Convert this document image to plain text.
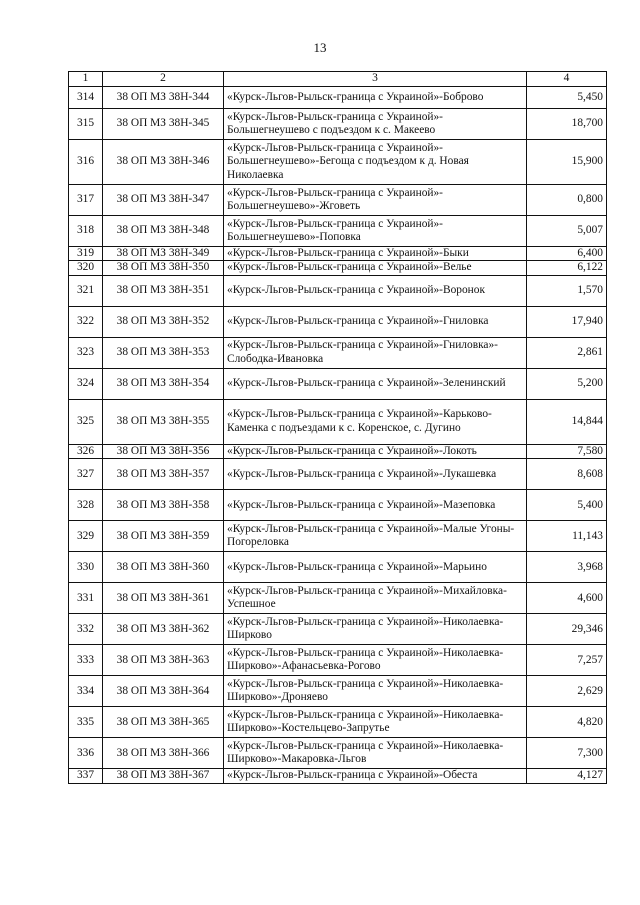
13
1	2	3	4
314	38 ОП МЗ 38Н-344	«Курск-Льгов-Рыльск-граница с Украиной»-Боброво	5,450
315	38 ОП МЗ 38Н-345	«Курск-Льгов-Рыльск-граница с Украиной»-Большегнеушево с подъездом к с. Макеево	18,700
316	38 ОП МЗ 38Н-346	«Курск-Льгов-Рыльск-граница с Украиной»-Большегнеушево»-Бегоща с подъездом к д. Новая Николаевка	15,900
317	38 ОП МЗ 38Н-347	«Курск-Льгов-Рыльск-граница с Украиной»-Большегнеушево»-Жговеть	0,800
318	38 ОП МЗ 38Н-348	«Курск-Льгов-Рыльск-граница с Украиной»-Большегнеушево»-Поповка	5,007
319	38 ОП МЗ 38Н-349	«Курск-Льгов-Рыльск-граница с Украиной»-Быки	6,400
320	38 ОП МЗ 38Н-350	«Курск-Льгов-Рыльск-граница с Украиной»-Велье	6,122
321	38 ОП МЗ 38Н-351	«Курск-Льгов-Рыльск-граница с Украиной»-Воронок	1,570
322	38 ОП МЗ 38Н-352	«Курск-Льгов-Рыльск-граница с Украиной»-Гниловка	17,940
323	38 ОП МЗ 38Н-353	«Курск-Льгов-Рыльск-граница с Украиной»-Гниловка»-Слободка-Ивановка	2,861
324	38 ОП МЗ 38Н-354	«Курск-Льгов-Рыльск-граница с Украиной»-Зеленинский	5,200
325	38 ОП МЗ 38Н-355	«Курск-Льгов-Рыльск-граница с Украиной»-Карьково-Каменка с подъездами к с. Коренское, с. Дугино	14,844
326	38 ОП МЗ 38Н-356	«Курск-Льгов-Рыльск-граница с Украиной»-Локоть	7,580
327	38 ОП МЗ 38Н-357	«Курск-Льгов-Рыльск-граница с Украиной»-Лукашевка	8,608
328	38 ОП МЗ 38Н-358	«Курск-Льгов-Рыльск-граница с Украиной»-Мазеповка	5,400
329	38 ОП МЗ 38Н-359	«Курск-Льгов-Рыльск-граница с Украиной»-Малые Угоны-Погореловка	11,143
330	38 ОП МЗ 38Н-360	«Курск-Льгов-Рыльск-граница с Украиной»-Марьино	3,968
331	38 ОП МЗ 38Н-361	«Курск-Льгов-Рыльск-граница с Украиной»-Михайловка-Успешное	4,600
332	38 ОП МЗ 38Н-362	«Курск-Льгов-Рыльск-граница с Украиной»-Николаевка-Ширково	29,346
333	38 ОП МЗ 38Н-363	«Курск-Льгов-Рыльск-граница с Украиной»-Николаевка-Ширково»-Афанасьевка-Рогово	7,257
334	38 ОП МЗ 38Н-364	«Курск-Льгов-Рыльск-граница с Украиной»-Николаевка-Ширково»-Дроняево	2,629
335	38 ОП МЗ 38Н-365	«Курск-Льгов-Рыльск-граница с Украиной»-Николаевка-Ширково»-Костельцево-Запрутье	4,820
336	38 ОП МЗ 38Н-366	«Курск-Льгов-Рыльск-граница с Украиной»-Николаевка-Ширково»-Макаровка-Льгов	7,300
337	38 ОП МЗ 38Н-367	«Курск-Льгов-Рыльск-граница с Украиной»-Обеста	4,127
